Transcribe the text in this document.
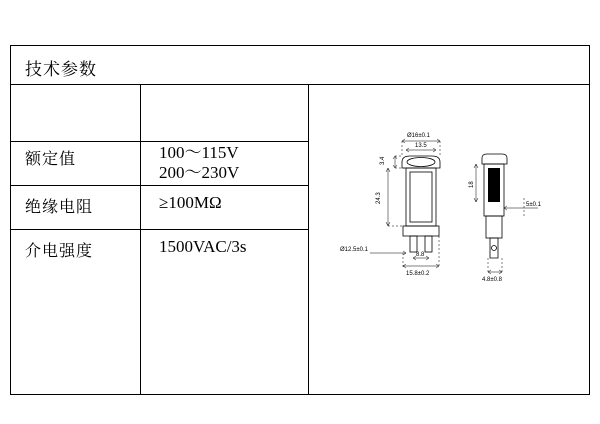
技术参数
额定值
绝缘电阻
介电强度
100～115V
200～230V
≥100MΩ
1500VAC/3s
Ø16±0.1
13.5
3.4
24.3
Ø12.5±0.1
15.8±0.2
8.8
18
5±0.1
4.8±0.8
